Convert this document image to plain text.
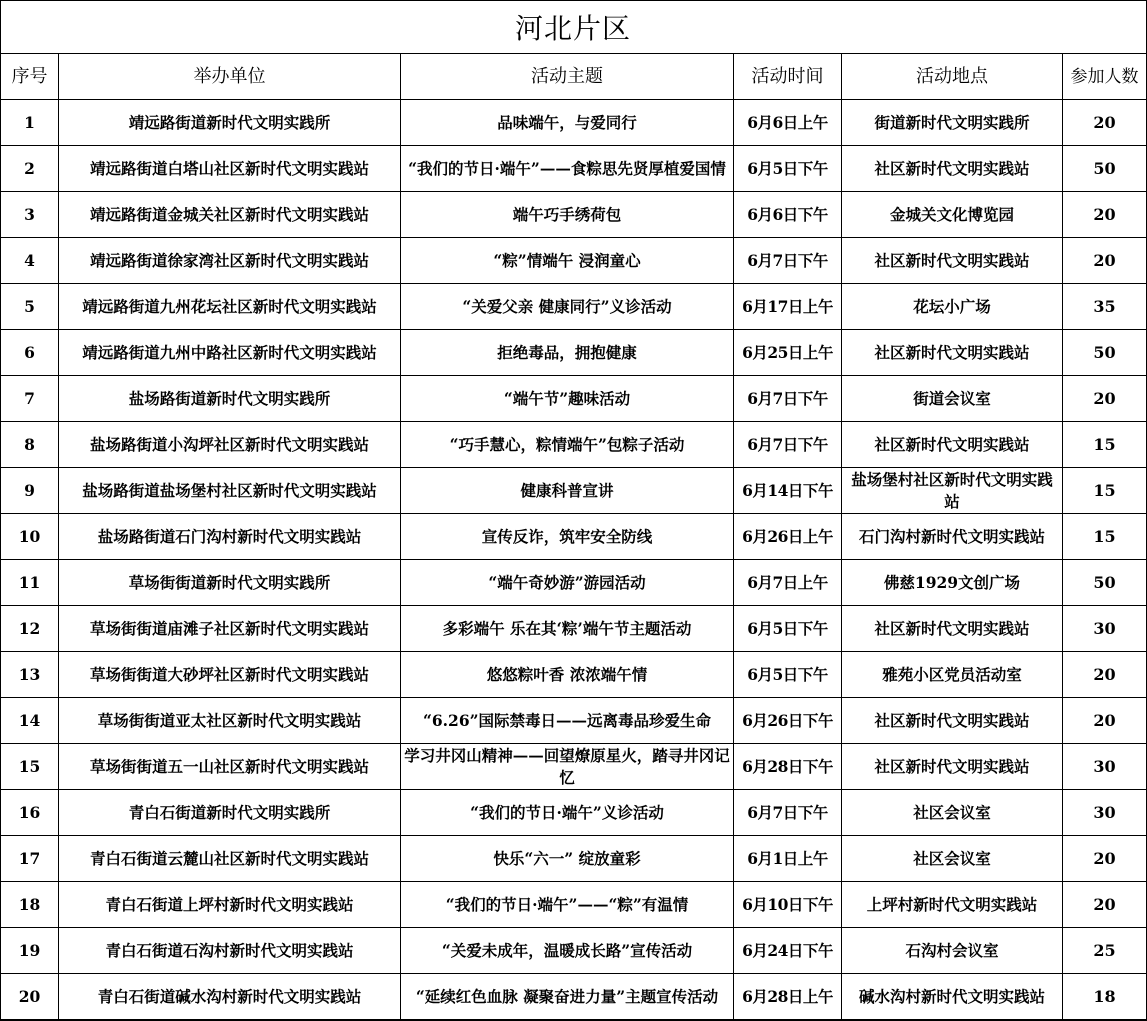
河北片区
序号	举办单位	活动主题	活动时间	活动地点	参加人数
1	靖远路街道新时代文明实践所	品味端午，与爱同行	6月6日上午	街道新时代文明实践所	20
2	靖远路街道白塔山社区新时代文明实践站	“我们的节日·端午”——食粽思先贤厚植爱国情	6月5日下午	社区新时代文明实践站	50
3	靖远路街道金城关社区新时代文明实践站	端午巧手绣荷包	6月6日下午	金城关文化博览园	20
4	靖远路街道徐家湾社区新时代文明实践站	“粽”情端午 浸润童心	6月7日下午	社区新时代文明实践站	20
5	靖远路街道九州花坛社区新时代文明实践站	“关爱父亲 健康同行”义诊活动	6月17日上午	花坛小广场	35
6	靖远路街道九州中路社区新时代文明实践站	拒绝毒品，拥抱健康	6月25日上午	社区新时代文明实践站	50
7	盐场路街道新时代文明实践所	“端午节”趣味活动	6月7日下午	街道会议室	20
8	盐场路街道小沟坪社区新时代文明实践站	“巧手慧心，粽情端午”包粽子活动	6月7日下午	社区新时代文明实践站	15
9	盐场路街道盐场堡村社区新时代文明实践站	健康科普宣讲	6月14日下午	盐场堡村社区新时代文明实践站	15
10	盐场路街道石门沟村新时代文明实践站	宣传反诈，筑牢安全防线	6月26日上午	石门沟村新时代文明实践站	15
11	草场街街道新时代文明实践所	“端午奇妙游”游园活动	6月7日上午	佛慈1929文创广场	50
12	草场街街道庙滩子社区新时代文明实践站	多彩端午 乐在其‘粽’端午节主题活动	6月5日下午	社区新时代文明实践站	30
13	草场街街道大砂坪社区新时代文明实践站	悠悠粽叶香 浓浓端午情	6月5日下午	雅苑小区党员活动室	20
14	草场街街道亚太社区新时代文明实践站	“6.26”国际禁毒日——远离毒品珍爱生命	6月26日下午	社区新时代文明实践站	20
15	草场街街道五一山社区新时代文明实践站	学习井冈山精神——回望燎原星火，踏寻井冈记忆	6月28日下午	社区新时代文明实践站	30
16	青白石街道新时代文明实践所	“我们的节日·端午”义诊活动	6月7日下午	社区会议室	30
17	青白石街道云麓山社区新时代文明实践站	快乐“六一” 绽放童彩	6月1日上午	社区会议室	20
18	青白石街道上坪村新时代文明实践站	“我们的节日·端午”——“粽”有温情	6月10日下午	上坪村新时代文明实践站	20
19	青白石街道石沟村新时代文明实践站	“关爱未成年，温暖成长路”宣传活动	6月24日下午	石沟村会议室	25
20	青白石街道碱水沟村新时代文明实践站	“延续红色血脉 凝聚奋进力量”主题宣传活动	6月28日上午	碱水沟村新时代文明实践站	18
